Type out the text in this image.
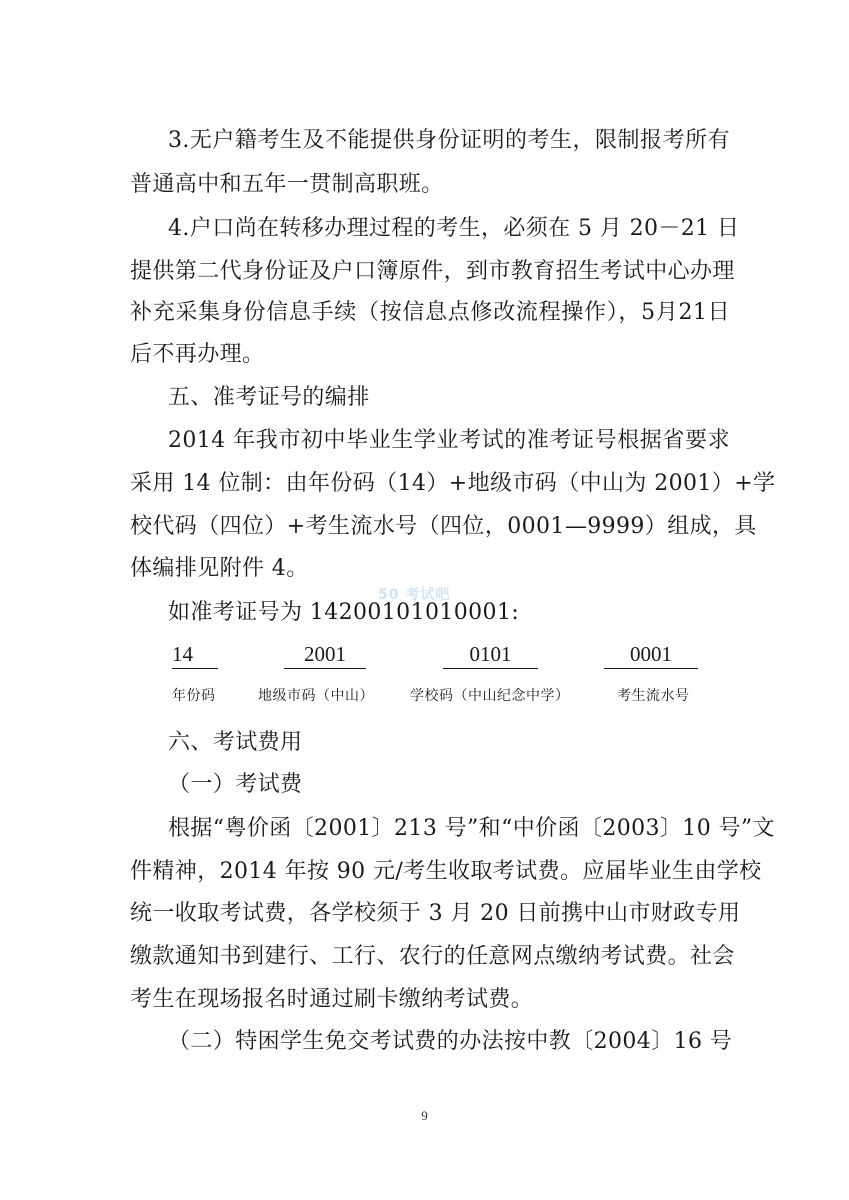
3.无户籍考生及不能提供身份证明的考生，限制报考所有
普通高中和五年一贯制高职班。
4.户口尚在转移办理过程的考生，必须在 5 月 20－21 日
提供第二代身份证及户口簿原件，到市教育招生考试中心办理
补充采集身份信息手续（按信息点修改流程操作），5月21日
后不再办理。
五、准考证号的编排
2014 年我市初中毕业生学业考试的准考证号根据省要求
采用 14 位制：由年份码（14）+地级市码（中山为 2001）+学
校代码（四位）+考生流水号（四位，0001—9999）组成，具
体编排见附件 4。
50 考试吧
如准考证号为 14200101010001:
14	2001	0101	0001
年份码	地级市码（中山）	学校码（中山纪念中学）	考生流水号
六、考试费用
（一）考试费
根据“粤价函〔2001〕213 号”和“中价函〔2003〕10 号”文
件精神，2014 年按 90 元/考生收取考试费。应届毕业生由学校
统一收取考试费，各学校须于 3 月 20 日前携中山市财政专用
缴款通知书到建行、工行、农行的任意网点缴纳考试费。社会
考生在现场报名时通过刷卡缴纳考试费。
（二）特困学生免交考试费的办法按中教〔2004〕16 号
9
